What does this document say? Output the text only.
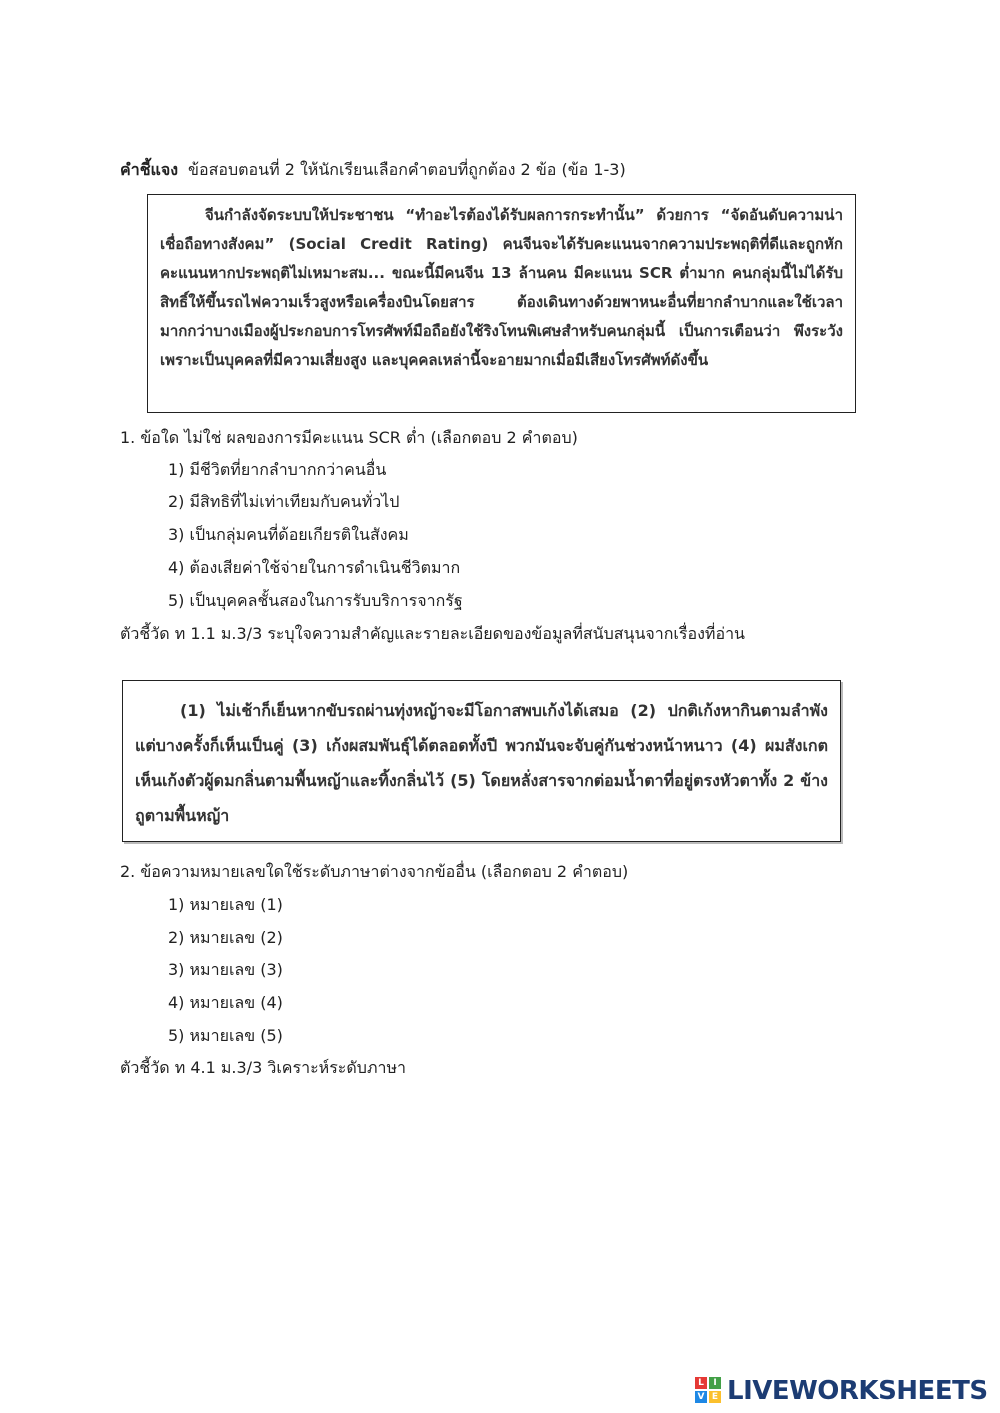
คำชี้แจง ข้อสอบตอนที่ 2 ให้นักเรียนเลือกคำตอบที่ถูกต้อง 2 ข้อ (ข้อ 1-3)

จีนกำลังจัดระบบให้ประชาชน “ทำอะไรต้องได้รับผลการกระทำนั้น” ด้วยการ “จัดอันดับความน่าเชื่อถือทางสังคม” (Social Credit Rating) คนจีนจะได้รับคะแนนจากความประพฤติที่ดีและถูกหักคะแนนหากประพฤติไม่เหมาะสม... ขณะนี้มีคนจีน 13 ล้านคน มีคะแนน SCR ต่ำมาก คนกลุ่มนี้ไม่ได้รับสิทธิ์ให้ขึ้นรถไฟความเร็วสูงหรือเครื่องบินโดยสาร ต้องเดินทางด้วยพาหนะอื่นที่ยากลำบากและใช้เวลามากกว่าบางเมืองผู้ประกอบการโทรศัพท์มือถือยังใช้ริงโทนพิเศษสำหรับคนกลุ่มนี้ เป็นการเตือนว่า พึงระวังเพราะเป็นบุคคลที่มีความเสี่ยงสูง และบุคคลเหล่านี้จะอายมากเมื่อมีเสียงโทรศัพท์ดังขึ้น

1. ข้อใด ไม่ใช่ ผลของการมีคะแนน SCR ต่ำ (เลือกตอบ 2 คำตอบ)
1) มีชีวิตที่ยากลำบากกว่าคนอื่น
2) มีสิทธิที่ไม่เท่าเทียมกับคนทั่วไป
3) เป็นกลุ่มคนที่ด้อยเกียรติในสังคม
4) ต้องเสียค่าใช้จ่ายในการดำเนินชีวิตมาก
5) เป็นบุคคลชั้นสองในการรับบริการจากรัฐ
ตัวชี้วัด ท 1.1 ม.3/3 ระบุใจความสำคัญและรายละเอียดของข้อมูลที่สนับสนุนจากเรื่องที่อ่าน

(1) ไม่เช้าก็เย็นหากขับรถผ่านทุ่งหญ้าจะมีโอกาสพบเก้งได้เสมอ (2) ปกติเก้งหากินตามลำพังแต่บางครั้งก็เห็นเป็นคู่ (3) เก้งผสมพันธุ์ได้ตลอดทั้งปี พวกมันจะจับคู่กันช่วงหน้าหนาว (4) ผมสังเกตเห็นเก้งตัวผู้ดมกลิ่นตามพื้นหญ้าและทิ้งกลิ่นไว้ (5) โดยหลั่งสารจากต่อมน้ำตาที่อยู่ตรงหัวตาทั้ง 2 ข้าง ถูตามพื้นหญ้า

2. ข้อความหมายเลขใดใช้ระดับภาษาต่างจากข้ออื่น (เลือกตอบ 2 คำตอบ)
1) หมายเลข (1)
2) หมายเลข (2)
3) หมายเลข (3)
4) หมายเลข (4)
5) หมายเลข (5)
ตัวชี้วัด ท 4.1 ม.3/3 วิเคราะห์ระดับภาษา
L	I
V E LIVEWORKSHEETS
